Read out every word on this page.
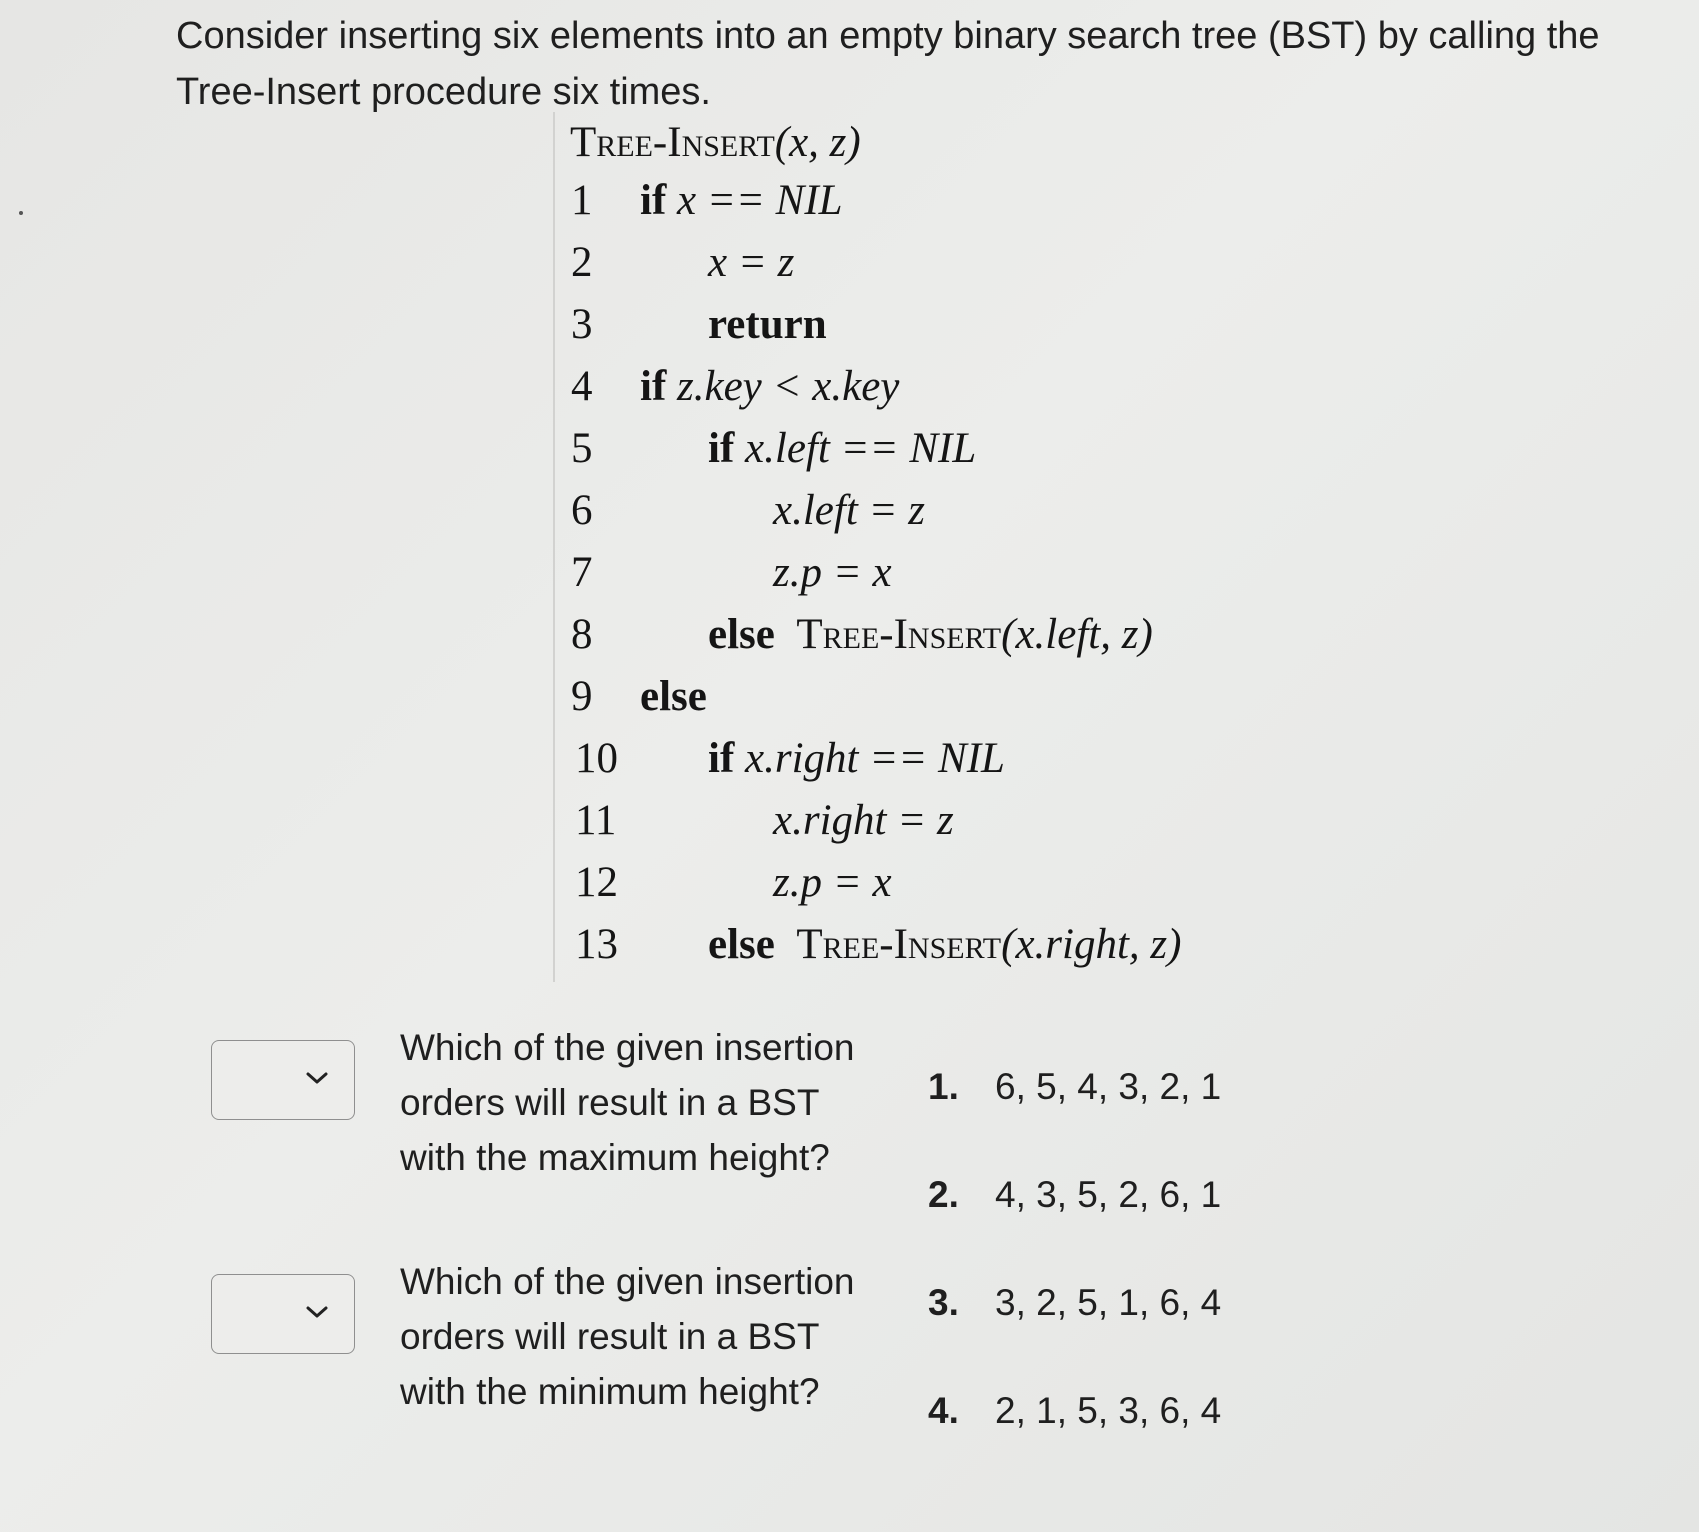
Consider inserting six elements into an empty binary search tree (BST) by calling the Tree-Insert procedure six times.

Tree-Insert(x, z)
1	if x == NIL
2	x = z
3	return
4	if z.key < x.key
5	if x.left == NIL
6	x.left = z
7	z.p = x
8	else Tree-Insert(x.left, z)
9	else
10	if x.right == NIL
11	x.right = z
12	z.p = x
13	else Tree-Insert(x.right, z)

Which of the given insertion orders will result in a BST with the maximum height?

Which of the given insertion orders will result in a BST with the minimum height?

1. 6, 5, 4, 3, 2, 1
2. 4, 3, 5, 2, 6, 1
3. 3, 2, 5, 1, 6, 4
4. 2, 1, 5, 3, 6, 4
